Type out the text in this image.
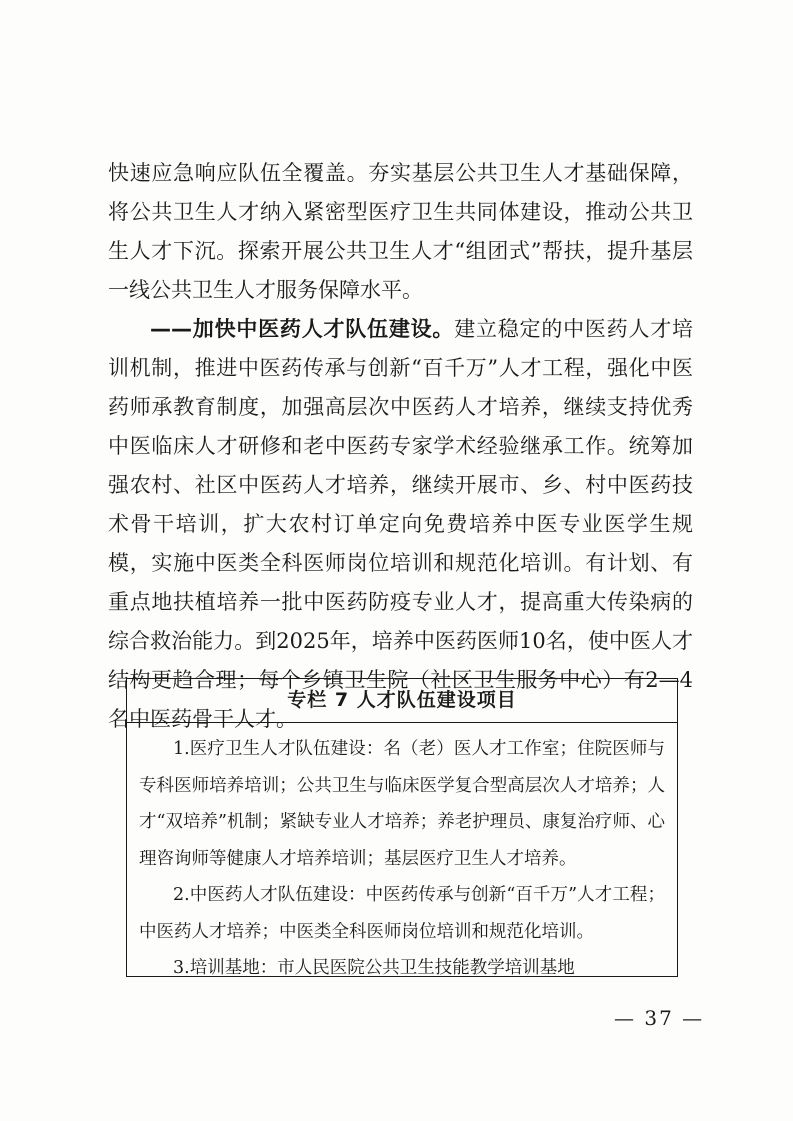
快速应急响应队伍全覆盖。夯实基层公共卫生人才基础保障，将公共卫生人才纳入紧密型医疗卫生共同体建设，推动公共卫生人才下沉。探索开展公共卫生人才“组团式”帮扶，提升基层一线公共卫生人才服务保障水平。

——加快中医药人才队伍建设。建立稳定的中医药人才培训机制，推进中医药传承与创新“百千万”人才工程，强化中医药师承教育制度，加强高层次中医药人才培养，继续支持优秀中医临床人才研修和老中医药专家学术经验继承工作。统筹加强农村、社区中医药人才培养，继续开展市、乡、村中医药技术骨干培训，扩大农村订单定向免费培养中医专业医学生规模，实施中医类全科医师岗位培训和规范化培训。有计划、有重点地扶植培养一批中医药防疫专业人才，提高重大传染病的综合救治能力。到2025年，培养中医药医师10名，使中医人才结构更趋合理；每个乡镇卫生院（社区卫生服务中心）有2—4名中医药骨干人才。

专栏 7 人才队伍建设项目

1.医疗卫生人才队伍建设：名（老）医人才工作室；住院医师与专科医师培养培训；公共卫生与临床医学复合型高层次人才培养；人才“双培养”机制；紧缺专业人才培养；养老护理员、康复治疗师、心理咨询师等健康人才培养培训；基层医疗卫生人才培养。

2.中医药人才队伍建设：中医药传承与创新“百千万”人才工程；中医药人才培养；中医类全科医师岗位培训和规范化培训。

3.培训基地：市人民医院公共卫生技能教学培训基地

— 37 —
